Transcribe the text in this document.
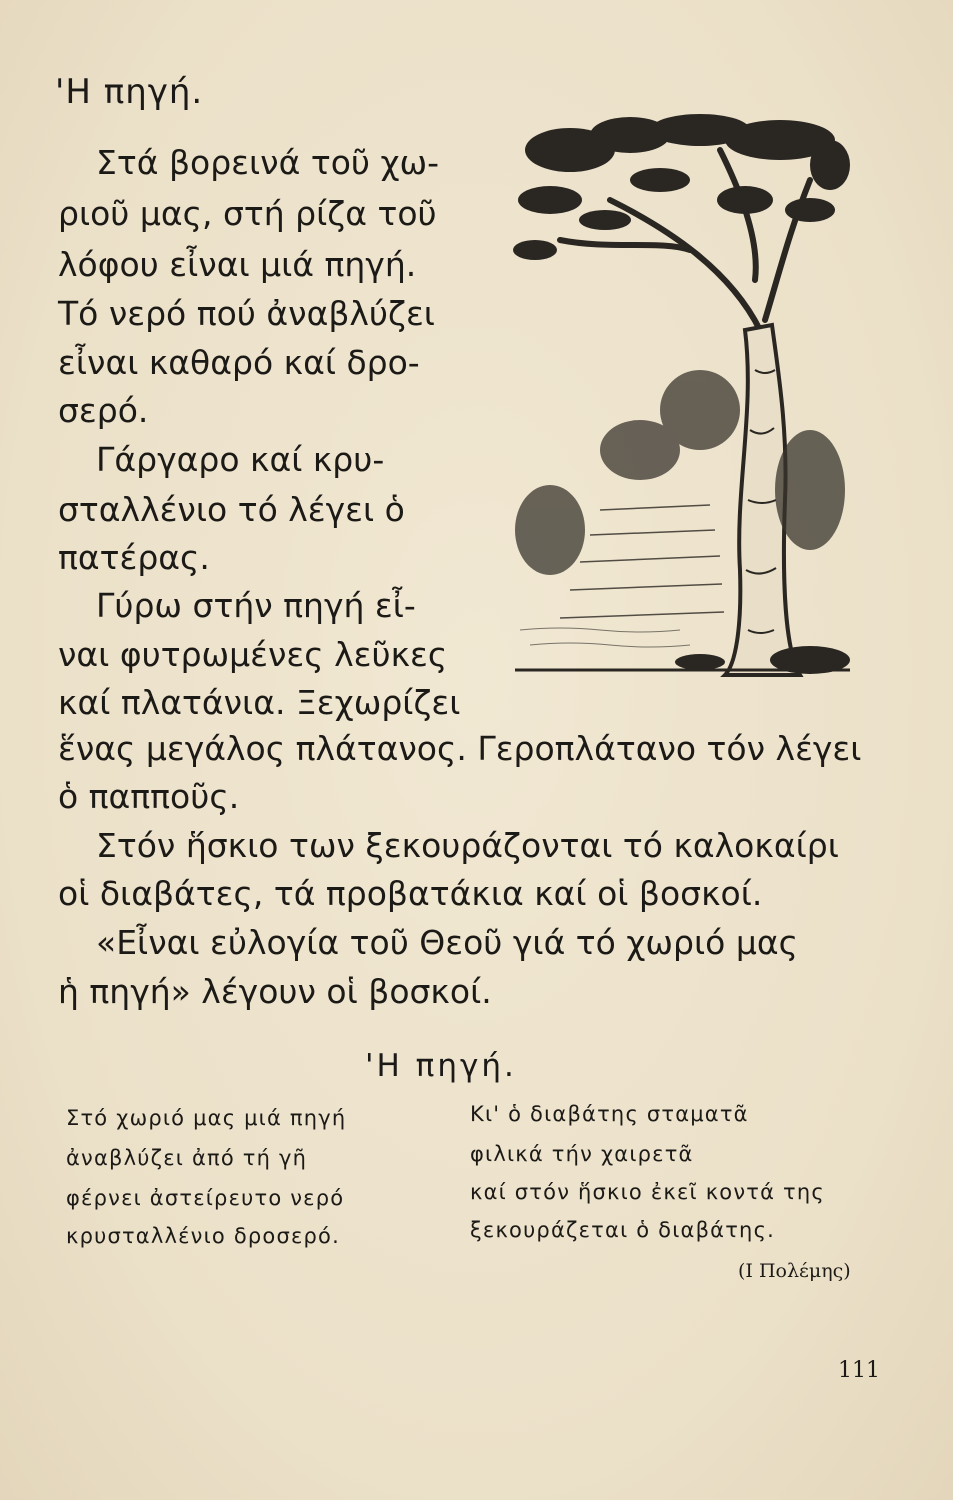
'Η πηγή.
Στά βορεινά τοῦ χω-
ριοῦ μας, στή ρίζα τοῦ
λόφου εἶναι μιά πηγή.
Τό νερό πού ἀναβλύζει
εἶναι καθαρό καί δρο-
σερό.
Γάργαρο καί κρυ-
σταλλένιο τό λέγει ὁ
πατέρας.
Γύρω στήν πηγή εἶ-
ναι φυτρωμένες λεῦκες
καί πλατάνια. Ξεχωρίζει
ἕνας μεγάλος πλάτανος. Γεροπλάτανο τόν λέγει
ὁ παπποῦς.
Στόν ἥσκιο των ξεκουράζονται τό καλοκαίρι
οἱ διαβάτες, τά προβατάκια καί οἱ βοσκοί.
«Εἶναι εὐλογία τοῦ Θεοῦ γιά τό χωριό μας
ἡ πηγή» λέγουν οἱ βοσκοί.
'Η πηγή.
Στό χωριό μας μιά πηγή
ἀναβλύζει ἀπό τή γῆ
φέρνει ἀστείρευτο νερό
κρυσταλλένιο δροσερό.
Κι' ὁ διαβάτης σταματᾶ
φιλικά τήν χαιρετᾶ
καί στόν ἥσκιο ἐκεῖ κοντά της
ξεκουράζεται ὁ διαβάτης.
(Ι Πολέμης)
111
